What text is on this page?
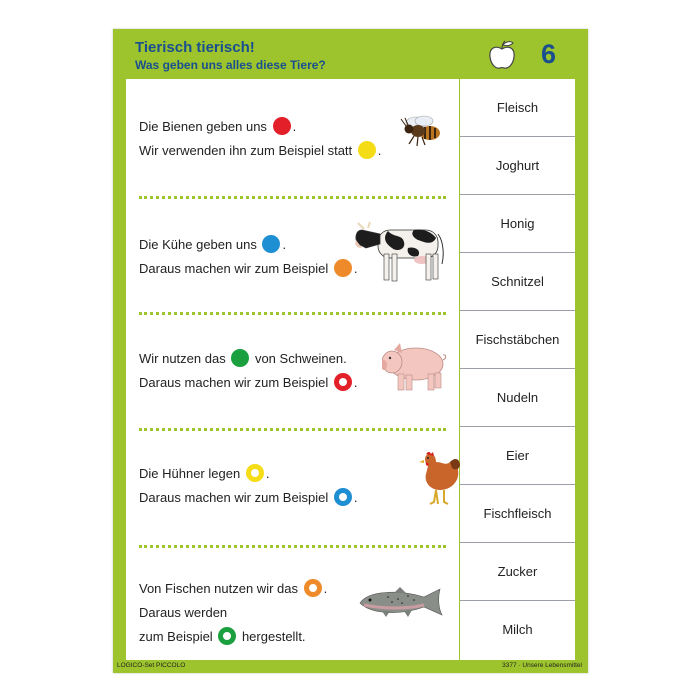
Tierisch tierisch!
Was geben uns alles diese Tiere?	6
Die Bienen geben uns .
Wir verwenden ihn zum Beispiel statt .
Die Kühe geben uns .
Daraus machen wir zum Beispiel .
Wir nutzen das von Schweinen.
Daraus machen wir zum Beispiel .
Die Hühner legen .
Daraus machen wir zum Beispiel .
Von Fischen nutzen wir das .
Daraus werden
zum Beispiel hergestellt.
Fleisch
Joghurt
Honig
Schnitzel
Fischstäbchen
Nudeln
Eier
Fischfleisch
Zucker
Milch
LOGICO-Set PICCOLO	3377 · Unsere Lebensmittel
